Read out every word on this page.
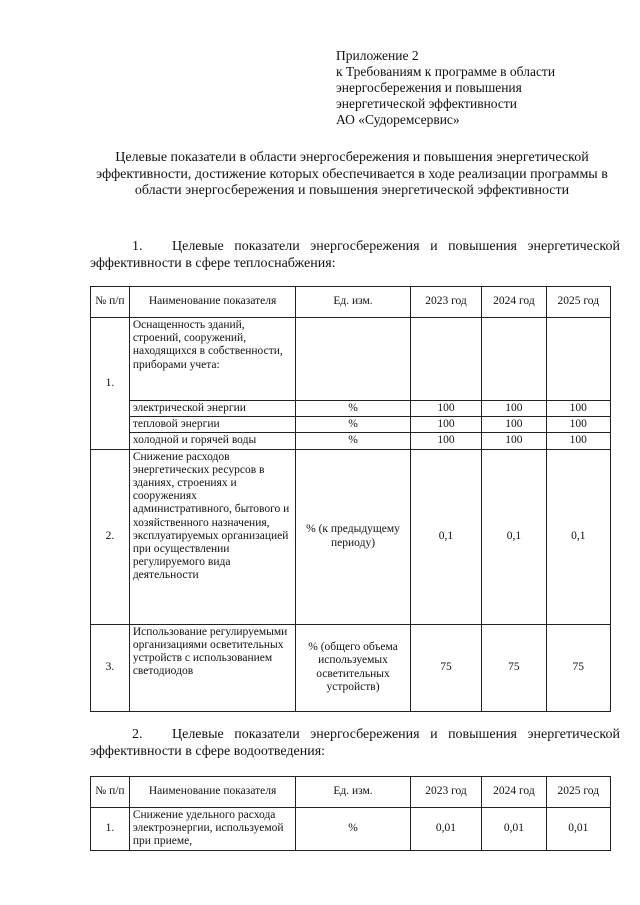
Приложение 2
к Требованиям к программе в области
энергосбережения и повышения
энергетической эффективности
АО «Судоремсервис»
Целевые показатели в области энергосбережения и повышения энергетической эффективности, достижение которых обеспечивается в ходе реализации программы в области энергосбережения и повышения энергетической эффективности
1. Целевые показатели энергосбережения и повышения энергетической эффективности в сфере теплоснабжения:
№ п/п	Наименование показателя	Ед. изм.	2023 год	2024 год	2025 год
1.	Оснащенность зданий, строений, сооружений, находящихся в собственности, приборами учета:				
	электрической энергии	%	100	100	100
	тепловой энергии	%	100	100	100
	холодной и горячей воды	%	100	100	100
2.	Снижение расходов энергетических ресурсов в зданиях, строениях и сооружениях административного, бытового и хозяйственного назначения, эксплуатируемых организацией при осуществлении регулируемого вида деятельности	% (к предыдущему периоду)	0,1	0,1	0,1
3.	Использование регулируемыми организациями осветительных устройств с использованием светодиодов	% (общего объема используемых осветительных устройств)	75	75	75
2. Целевые показатели энергосбережения и повышения энергетической эффективности в сфере водоотведения:
№ п/п	Наименование показателя	Ед. изм.	2023 год	2024 год	2025 год
1.	Снижение удельного расхода электроэнергии, используемой при приеме,	%	0,01	0,01	0,01
